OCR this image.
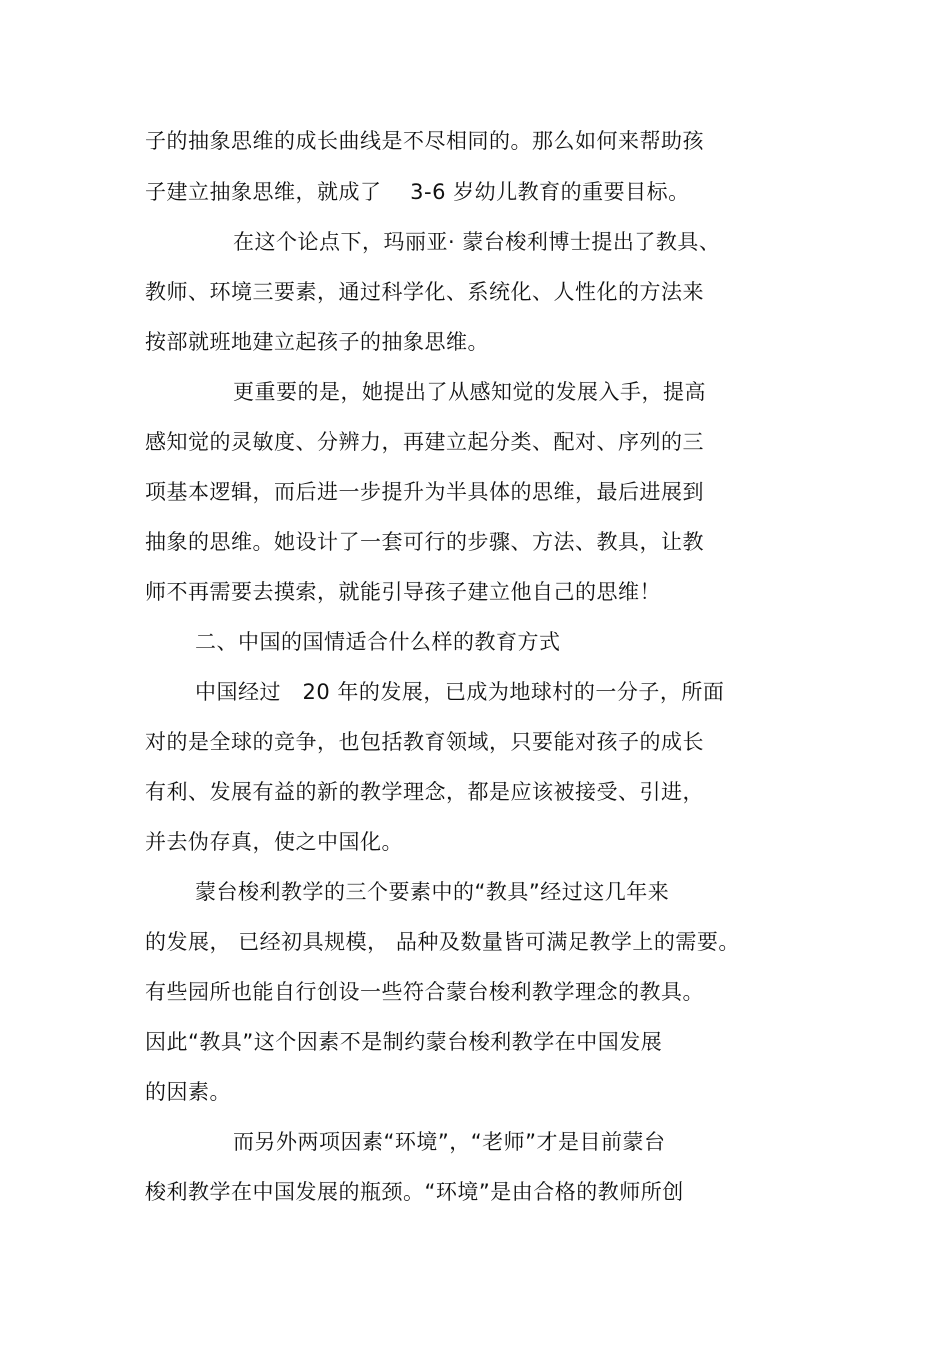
子的抽象思维的成长曲线是不尽相同的。那么如何来帮助孩
子建立抽象思维，就成了　 3-6 岁幼儿教育的重要目标。
在这个论点下，玛丽亚· 蒙台梭利博士提出了教具、
教师、环境三要素，通过科学化、系统化、人性化的方法来
按部就班地建立起孩子的抽象思维。
更重要的是，她提出了从感知觉的发展入手，提高
感知觉的灵敏度、分辨力，再建立起分类、配对、序列的三
项基本逻辑，而后进一步提升为半具体的思维，最后进展到
抽象的思维。她设计了一套可行的步骤、方法、教具，让教
师不再需要去摸索，就能引导孩子建立他自己的思维！
二、中国的国情适合什么样的教育方式
中国经过　20 年的发展，已成为地球村的一分子，所面
对的是全球的竞争，也包括教育领域，只要能对孩子的成长
有利、发展有益的新的教学理念，都是应该被接受、引进，
并去伪存真，使之中国化。
蒙台梭利教学的三个要素中的“教具”经过这几年来
的发展， 已经初具规模， 品种及数量皆可满足教学上的需要。
有些园所也能自行创设一些符合蒙台梭利教学理念的教具。
因此“教具”这个因素不是制约蒙台梭利教学在中国发展
的因素。
而另外两项因素“环境”，“老师”才是目前蒙台
梭利教学在中国发展的瓶颈。“环境”是由合格的教师所创
